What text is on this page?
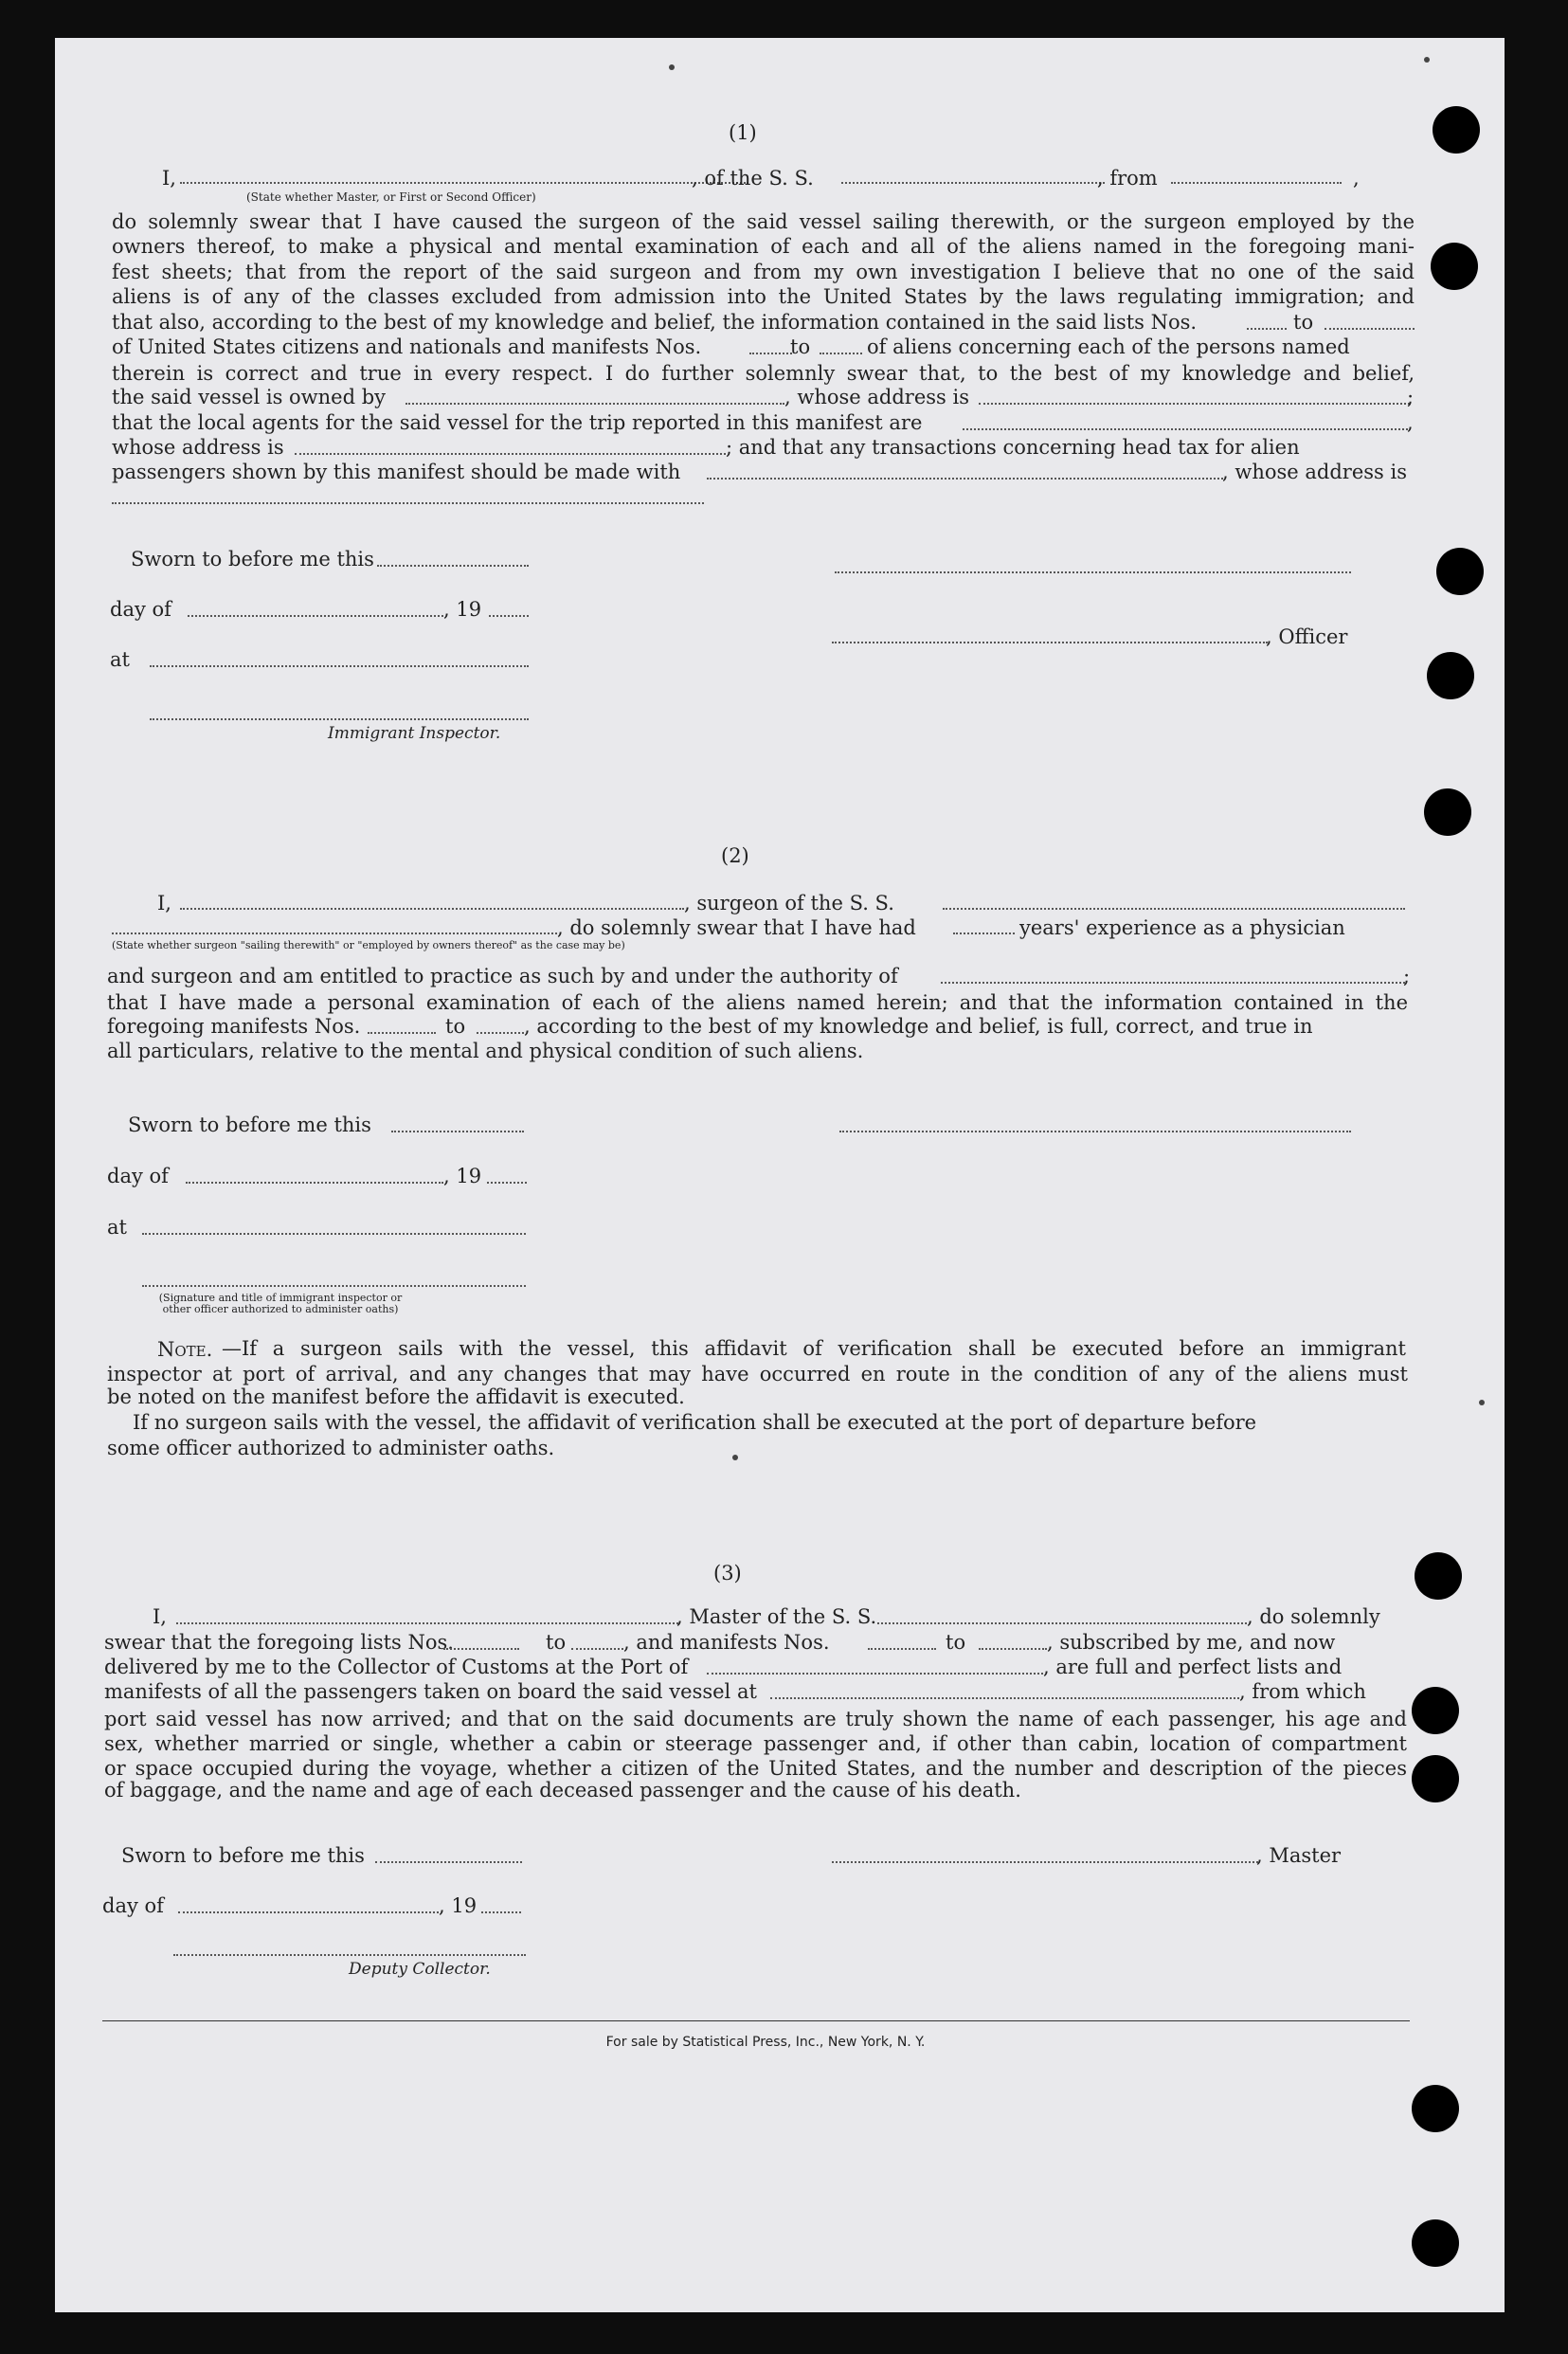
(1)
I,	, of the S. S.	, from	,
(State whether Master, or First or Second Officer)
do solemnly swear that I have caused the surgeon of the said vessel sailing therewith, or the surgeon employed by the
owners thereof, to make a physical and mental examination of each and all of the aliens named in the foregoing mani-
fest sheets; that from the report of the said surgeon and from my own investigation I believe that no one of the said
aliens is of any of the classes excluded from admission into the United States by the laws regulating immigration; and
that also, according to the best of my knowledge and belief, the information contained in the said lists Nos.	to
of United States citizens and nationals and manifests Nos.	to	of aliens concerning each of the persons named
therein is correct and true in every respect. I do further solemnly swear that, to the best of my knowledge and belief,
the said vessel is owned by	, whose address is	;
that the local agents for the said vessel for the trip reported in this manifest are	,
whose address is	; and that any transactions concerning head tax for alien
passengers shown by this manifest should be made with	, whose address is
Sworn to before me this
day of	, 19
, Officer
at
Immigrant Inspector.
(2)
I,	, surgeon of the S. S.
, do solemnly swear that I have had	years' experience as a physician
(State whether surgeon "sailing therewith" or "employed by owners thereof" as the case may be)
and surgeon and am entitled to practice as such by and under the authority of	;
that I have made a personal examination of each of the aliens named herein; and that the information contained in the
foregoing manifests Nos.	to	, according to the best of my knowledge and belief, is full, correct, and true in
all particulars, relative to the mental and physical condition of such aliens.
Sworn to before me this
day of	, 19
at
(Signature and title of immigrant inspector or
other officer authorized to administer oaths)
Note. —If a surgeon sails with the vessel, this affidavit of verification shall be executed before an immigrant
inspector at port of arrival, and any changes that may have occurred en route in the condition of any of the aliens must
be noted on the manifest before the affidavit is executed.
If no surgeon sails with the vessel, the affidavit of verification shall be executed at the port of departure before
some officer authorized to administer oaths.
(3)
I,	, Master of the S. S.	, do solemnly
swear that the foregoing lists Nos.	to	, and manifests Nos.	to	, subscribed by me, and now
delivered by me to the Collector of Customs at the Port of	, are full and perfect lists and
manifests of all the passengers taken on board the said vessel at	, from which
port said vessel has now arrived; and that on the said documents are truly shown the name of each passenger, his age and
sex, whether married or single, whether a cabin or steerage passenger and, if other than cabin, location of compartment
or space occupied during the voyage, whether a citizen of the United States, and the number and description of the pieces
of baggage, and the name and age of each deceased passenger and the cause of his death.
Sworn to before me this	, Master
day of	, 19
Deputy Collector.
For sale by Statistical Press, Inc., New York, N. Y.
